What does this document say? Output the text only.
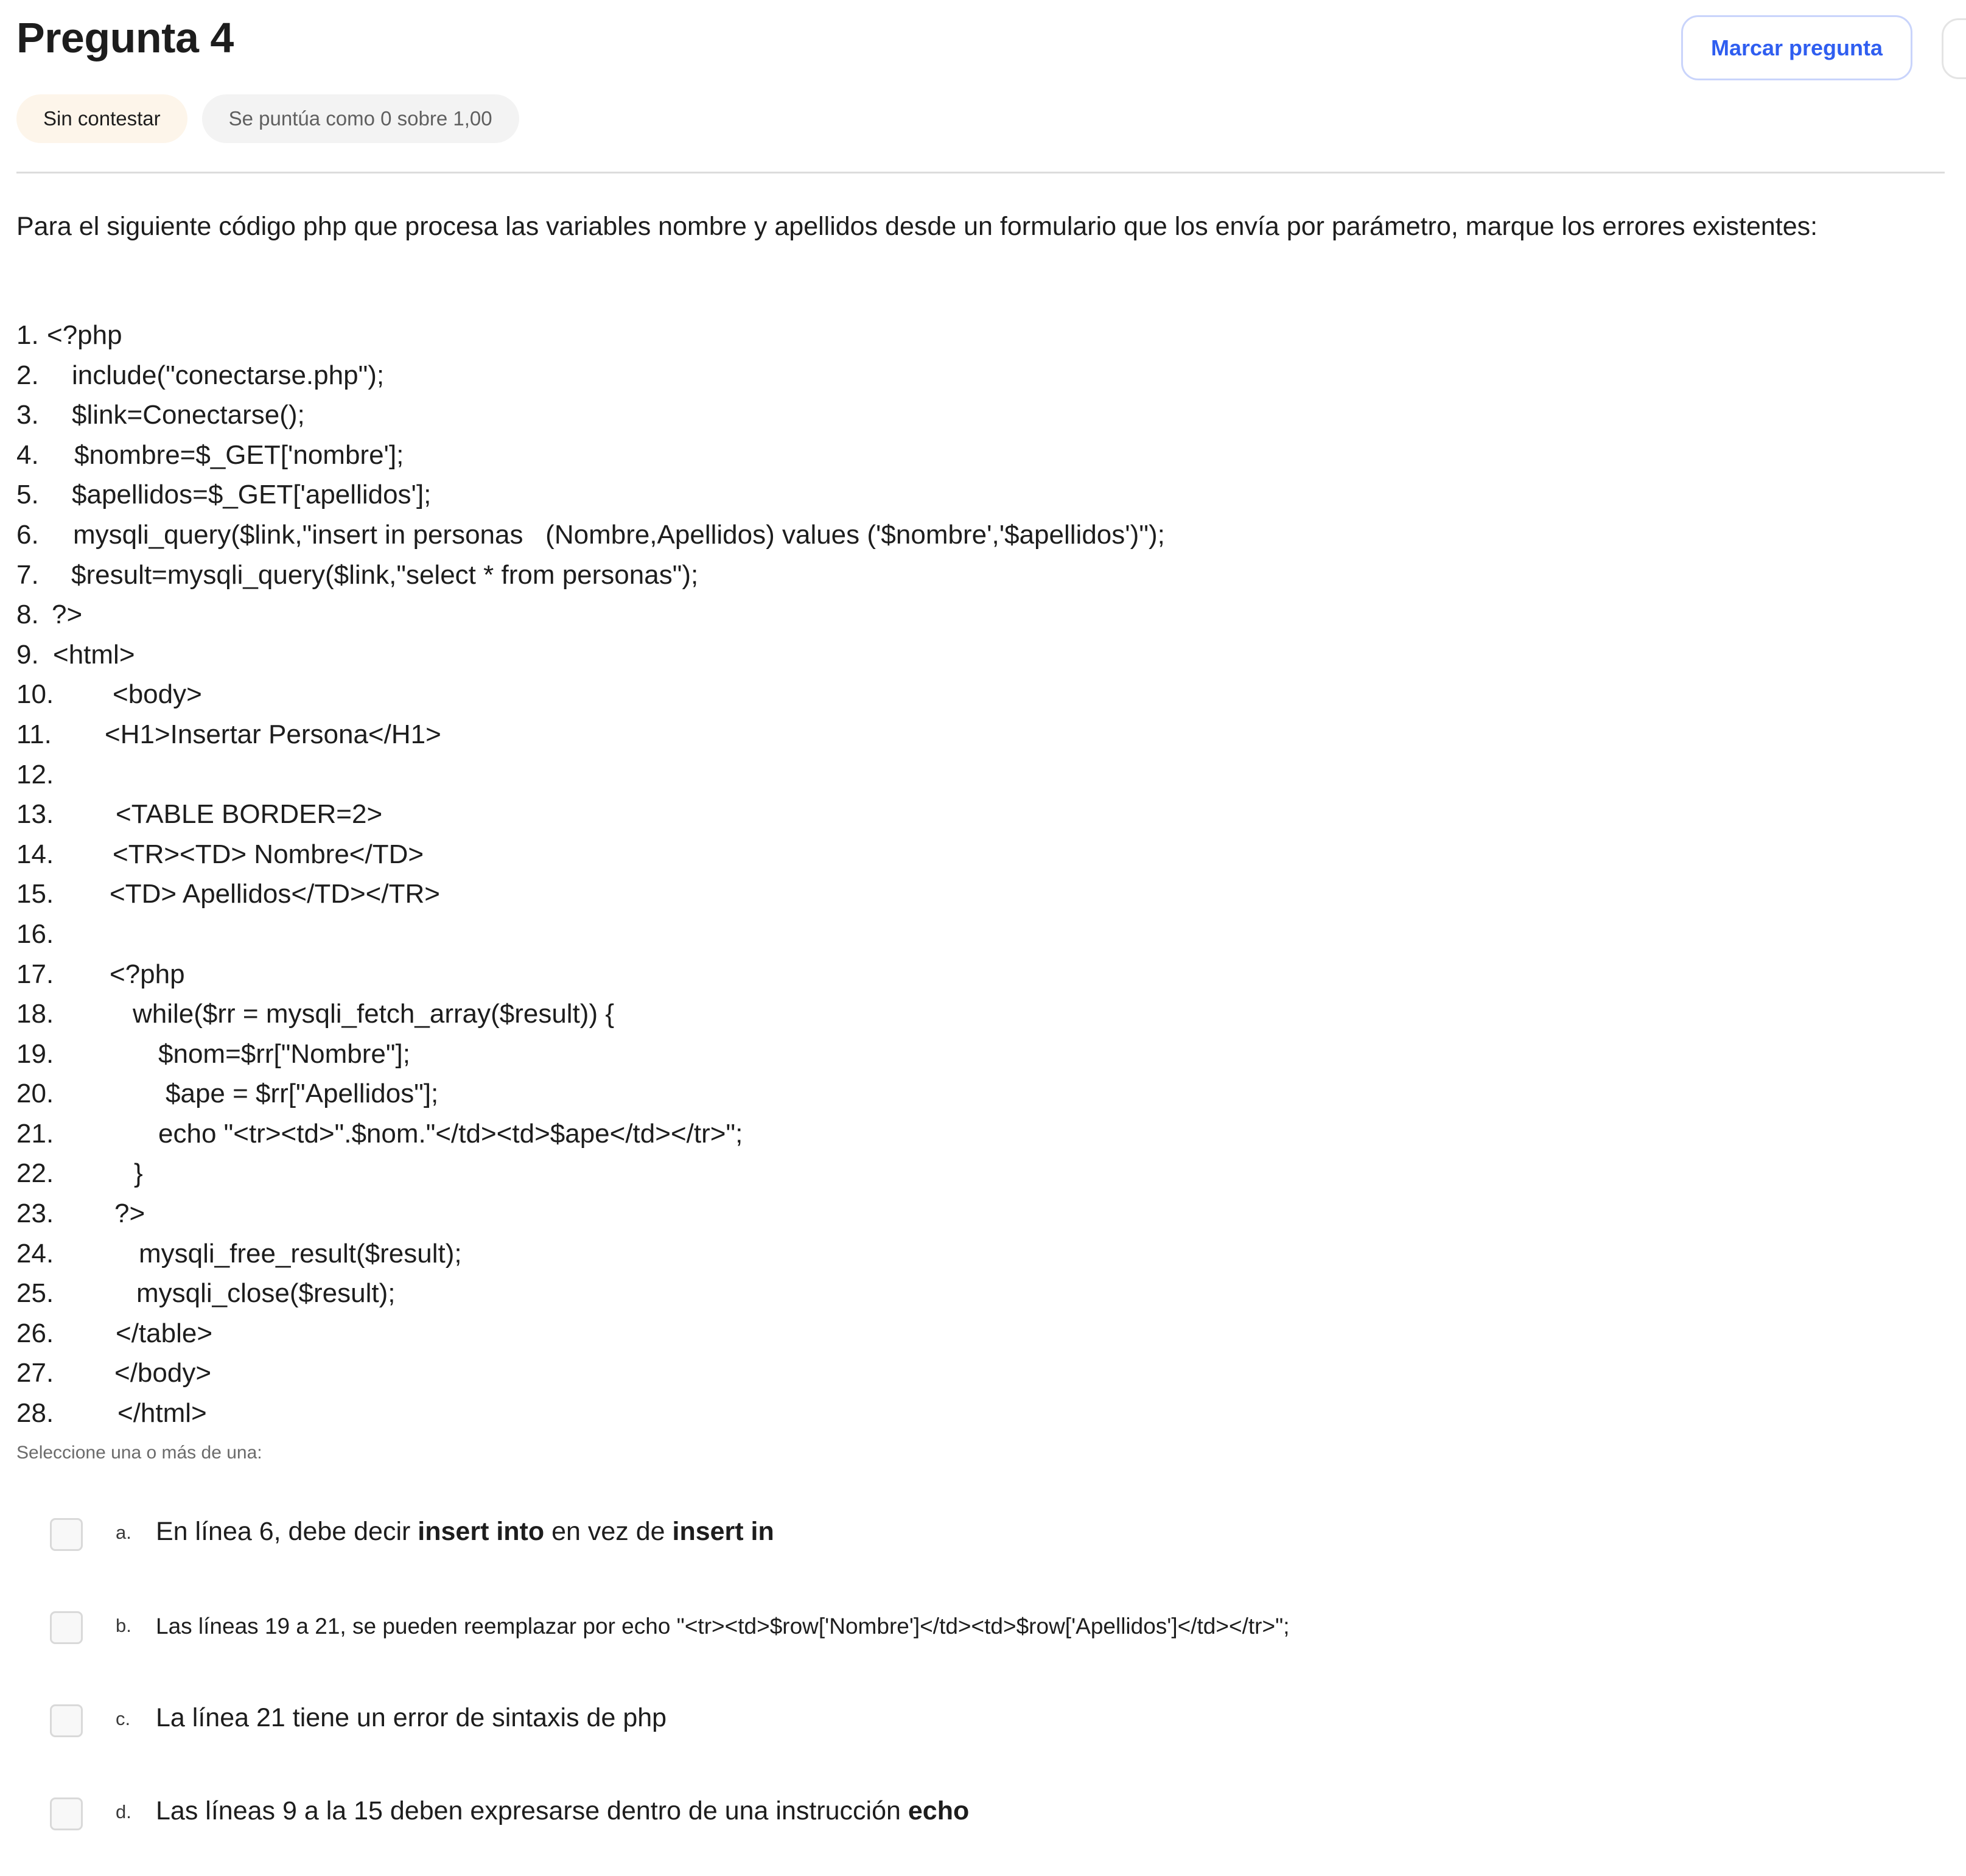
Pregunta 4
Sin contestar	Se puntúa como 0 sobre 1,00
Marcar pregunta
Para el siguiente código php que procesa las variables nombre y apellidos desde un formulario que los envía por parámetro, marque los errores existentes:
1. <?php
2. include("conectarse.php");
3. $link=Conectarse();
4. $nombre=$_GET['nombre'];
5. $apellidos=$_GET['apellidos'];
6. mysqli_query($link,"insert in personas   (Nombre,Apellidos) values ('$nombre','$apellidos')");
7. $result=mysqli_query($link,"select * from personas");
8. ?>
9. <html>
10. <body>
11. <H1>Insertar Persona</H1>
12.
13. <TABLE BORDER=2>
14. <TR><TD> Nombre</TD>
15. <TD> Apellidos</TD></TR>
16.
17. <?php
18.	while($rr = mysqli_fetch_array($result)) {
19.	$nom=$rr["Nombre"];
20.	$ape = $rr["Apellidos"];
21.	echo "<tr><td>".$nom."</td><td>$ape</td></tr>";
22.	}
23. ?>
24.	mysqli_free_result($result);
25.	mysqli_close($result);
26. </table>
27. </body>
28. </html>
Seleccione una o más de una:
a. En línea 6, debe decir insert into en vez de insert in
b. Las líneas 19 a 21, se pueden reemplazar por echo "<tr><td>$row['Nombre']</td><td>$row['Apellidos']</td></tr>";
c. La línea 21 tiene un error de sintaxis de php
d. Las líneas 9 a la 15 deben expresarse dentro de una instrucción echo
